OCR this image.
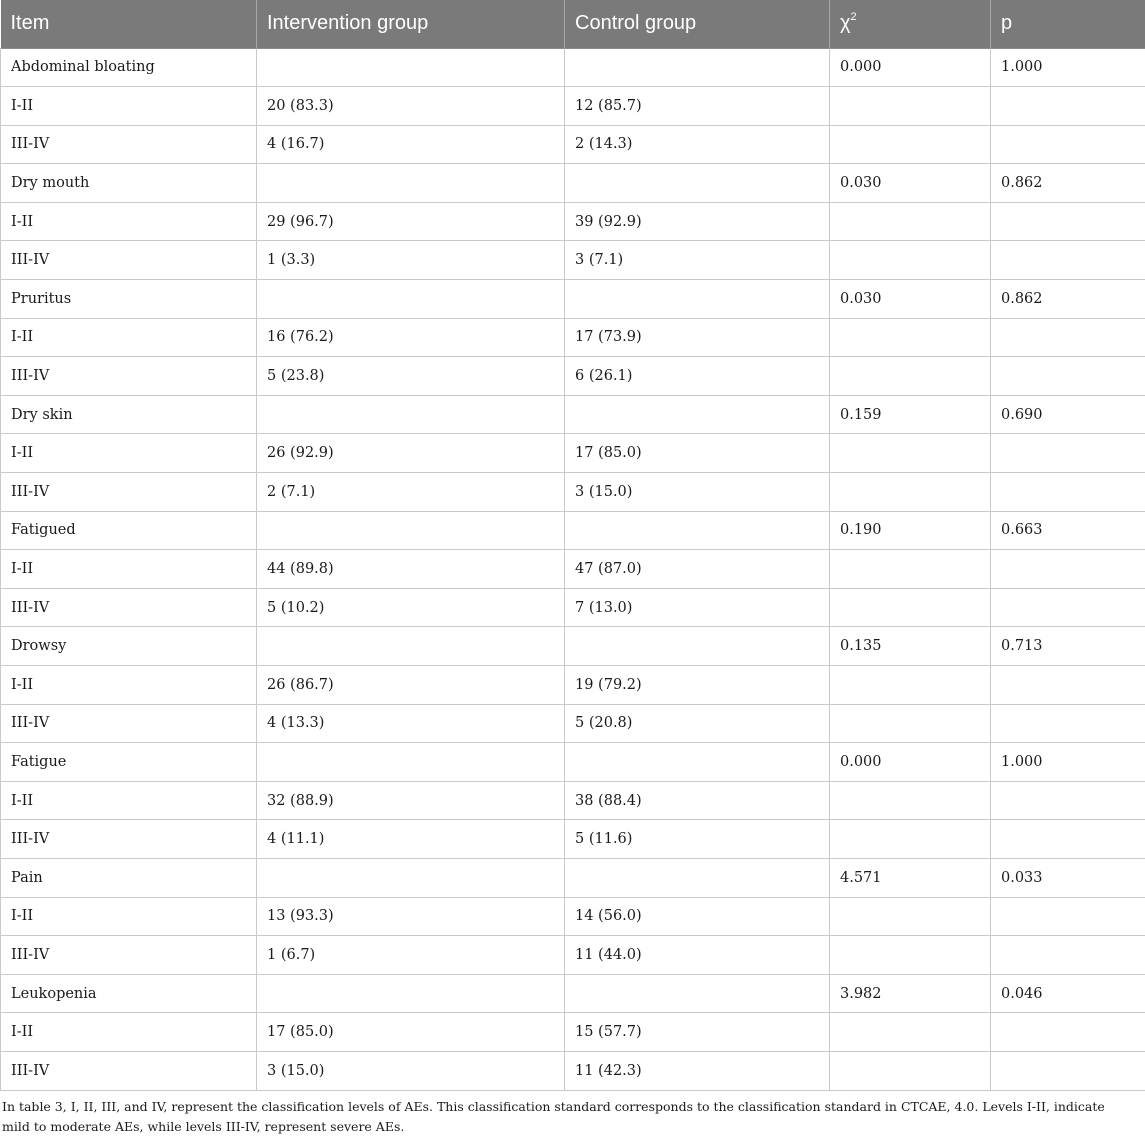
Item	Intervention group	Control group	$\chi^2$	p
Abdominal bloating			0.000	1.000
I-II	20 (83.3)	12 (85.7)		
III-IV	4 (16.7)	2 (14.3)		
Dry mouth			0.030	0.862
I-II	29 (96.7)	39 (92.9)		
III-IV	1 (3.3)	3 (7.1)		
Pruritus			0.030	0.862
I-II	16 (76.2)	17 (73.9)		
III-IV	5 (23.8)	6 (26.1)		
Dry skin			0.159	0.690
I-II	26 (92.9)	17 (85.0)		
III-IV	2 (7.1)	3 (15.0)		
Fatigued			0.190	0.663
I-II	44 (89.8)	47 (87.0)		
III-IV	5 (10.2)	7 (13.0)		
Drowsy			0.135	0.713
I-II	26 (86.7)	19 (79.2)		
III-IV	4 (13.3)	5 (20.8)		
Fatigue			0.000	1.000
I-II	32 (88.9)	38 (88.4)		
III-IV	4 (11.1)	5 (11.6)		
Pain			4.571	0.033
I-II	13 (93.3)	14 (56.0)		
III-IV	1 (6.7)	11 (44.0)		
Leukopenia			3.982	0.046
I-II	17 (85.0)	15 (57.7)		
III-IV	3 (15.0)	11 (42.3)		

In table 3, I, II, III, and IV, represent the classification levels of AEs. This classification standard corresponds to the classification standard in CTCAE, 4.0. Levels I-II, indicate mild to moderate AEs, while levels III-IV, represent severe AEs.
